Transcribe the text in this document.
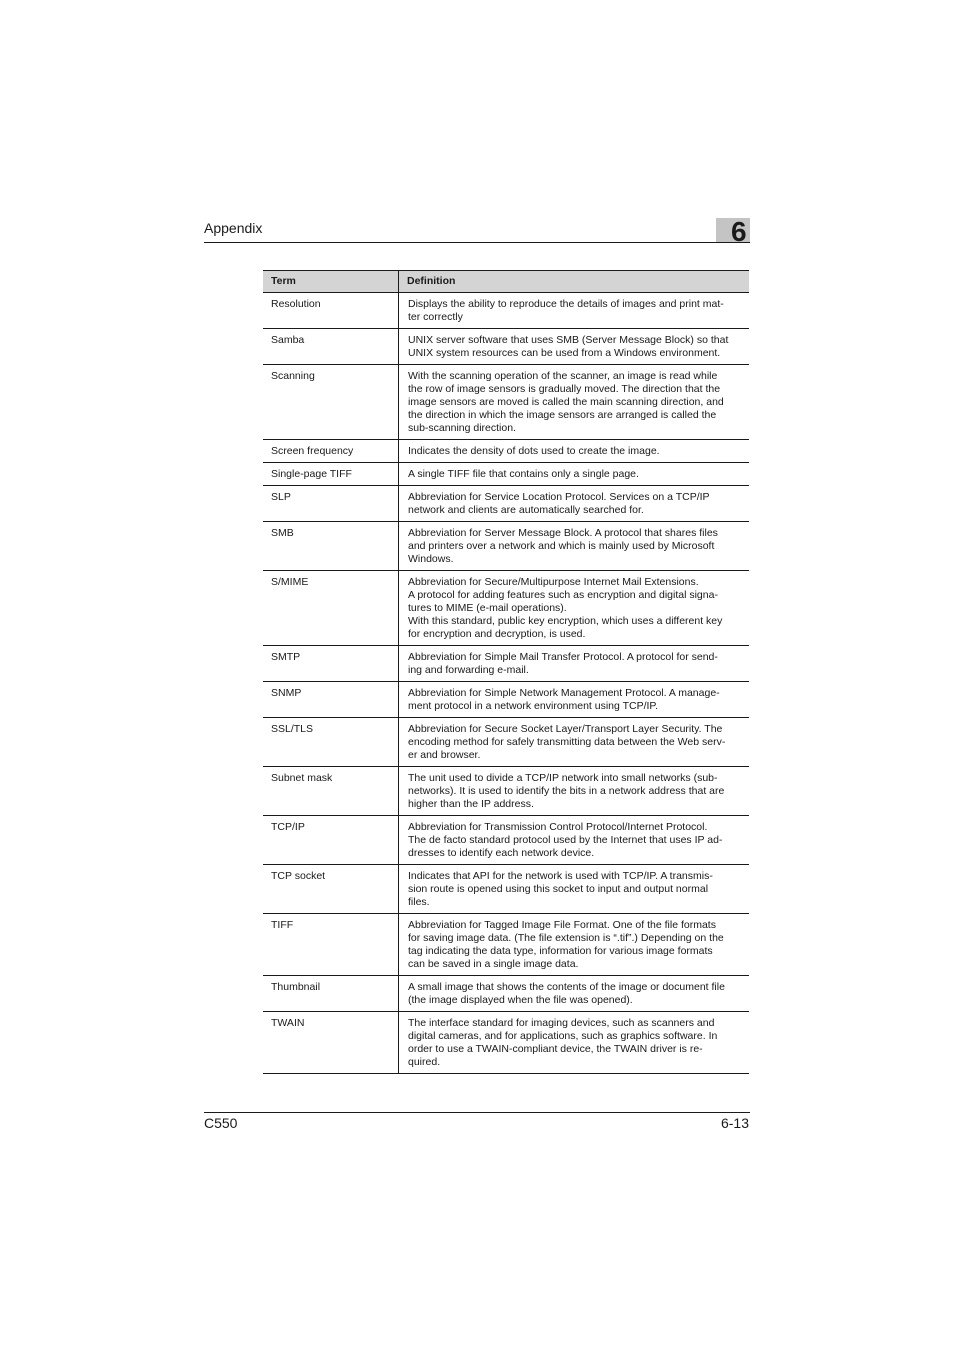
Appendix	6
Term	Definition
Resolution	Displays the ability to reproduce the details of images and print mat-
ter correctly

Samba	UNIX server software that uses SMB (Server Message Block) so that
UNIX system resources can be used from a Windows environment.

Scanning	With the scanning operation of the scanner, an image is read while
the row of image sensors is gradually moved. The direction that the
image sensors are moved is called the main scanning direction, and
the direction in which the image sensors are arranged is called the
sub-scanning direction.

Screen frequency	Indicates the density of dots used to create the image.

Single-page TIFF	A single TIFF file that contains only a single page.

SLP	Abbreviation for Service Location Protocol. Services on a TCP/IP
network and clients are automatically searched for.

SMB	Abbreviation for Server Message Block. A protocol that shares files
and printers over a network and which is mainly used by Microsoft
Windows.

S/MIME	Abbreviation for Secure/Multipurpose Internet Mail Extensions.
A protocol for adding features such as encryption and digital signa-
tures to MIME (e-mail operations).
With this standard, public key encryption, which uses a different key
for encryption and decryption, is used.

SMTP	Abbreviation for Simple Mail Transfer Protocol. A protocol for send-
ing and forwarding e-mail.

SNMP	Abbreviation for Simple Network Management Protocol. A manage-
ment protocol in a network environment using TCP/IP.

SSL/TLS	Abbreviation for Secure Socket Layer/Transport Layer Security. The
encoding method for safely transmitting data between the Web serv-
er and browser.

Subnet mask	The unit used to divide a TCP/IP network into small networks (sub-
networks). It is used to identify the bits in a network address that are
higher than the IP address.

TCP/IP	Abbreviation for Transmission Control Protocol/Internet Protocol.
The de facto standard protocol used by the Internet that uses IP ad-
dresses to identify each network device.

TCP socket	Indicates that API for the network is used with TCP/IP. A transmis-
sion route is opened using this socket to input and output normal
files.

TIFF	Abbreviation for Tagged Image File Format. One of the file formats
for saving image data. (The file extension is “.tif”.) Depending on the
tag indicating the data type, information for various image formats
can be saved in a single image data.

Thumbnail	A small image that shows the contents of the image or document file
(the image displayed when the file was opened).

TWAIN	The interface standard for imaging devices, such as scanners and
digital cameras, and for applications, such as graphics software. In
order to use a TWAIN-compliant device, the TWAIN driver is re-
quired.
C550	6-13
